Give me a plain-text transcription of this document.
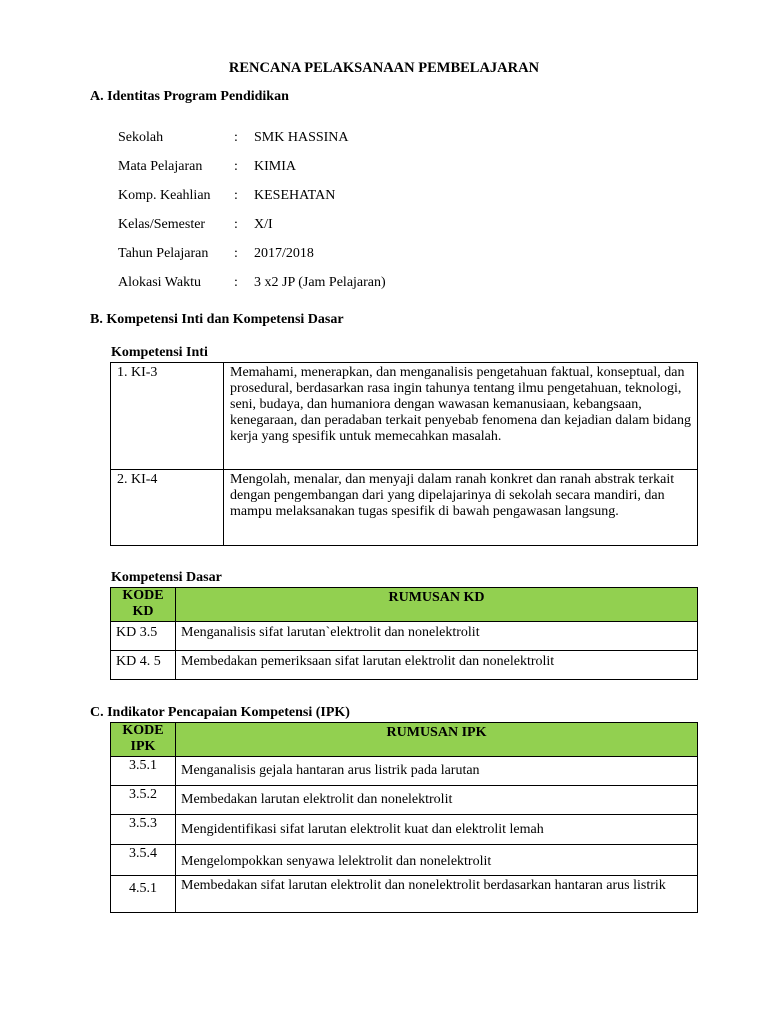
RENCANA PELAKSANAAN PEMBELAJARAN
A. Identitas Program Pendidikan
Sekolah	: SMK HASSINA
Mata Pelajaran	: KIMIA
Komp. Keahlian	: KESEHATAN
Kelas/Semester	: X/I
Tahun Pelajaran	: 2017/2018
Alokasi Waktu	: 3 x2 JP (Jam Pelajaran)
B. Kompetensi Inti dan Kompetensi Dasar
Kompetensi Inti
1. KI-3	Memahami, menerapkan, dan menganalisis pengetahuan faktual, konseptual, dan prosedural, berdasarkan rasa ingin tahunya tentang ilmu pengetahuan, teknologi, seni, budaya, dan humaniora dengan wawasan kemanusiaan, kebangsaan, kenegaraan, dan peradaban terkait penyebab fenomena dan kejadian dalam bidang kerja yang spesifik untuk memecahkan masalah.
2. KI-4	Mengolah, menalar, dan menyaji dalam ranah konkret dan ranah abstrak terkait dengan pengembangan dari yang dipelajarinya di sekolah secara mandiri, dan mampu melaksanakan tugas spesifik di bawah pengawasan langsung.
Kompetensi Dasar
KODE KD	RUMUSAN KD
KD 3.5	Menganalisis sifat larutan`elektrolit dan nonelektrolit
KD 4. 5	Membedakan pemeriksaan sifat larutan elektrolit dan nonelektrolit
C. Indikator Pencapaian Kompetensi (IPK)
KODE IPK	RUMUSAN IPK
3.5.1	Menganalisis gejala hantaran arus listrik pada larutan
3.5.2	Membedakan larutan elektrolit dan nonelektrolit
3.5.3	Mengidentifikasi sifat larutan elektrolit kuat dan elektrolit lemah
3.5.4	Mengelompokkan senyawa lelektrolit dan nonelektrolit
4.5.1	Membedakan sifat larutan elektrolit dan nonelektrolit berdasarkan hantaran arus listrik
